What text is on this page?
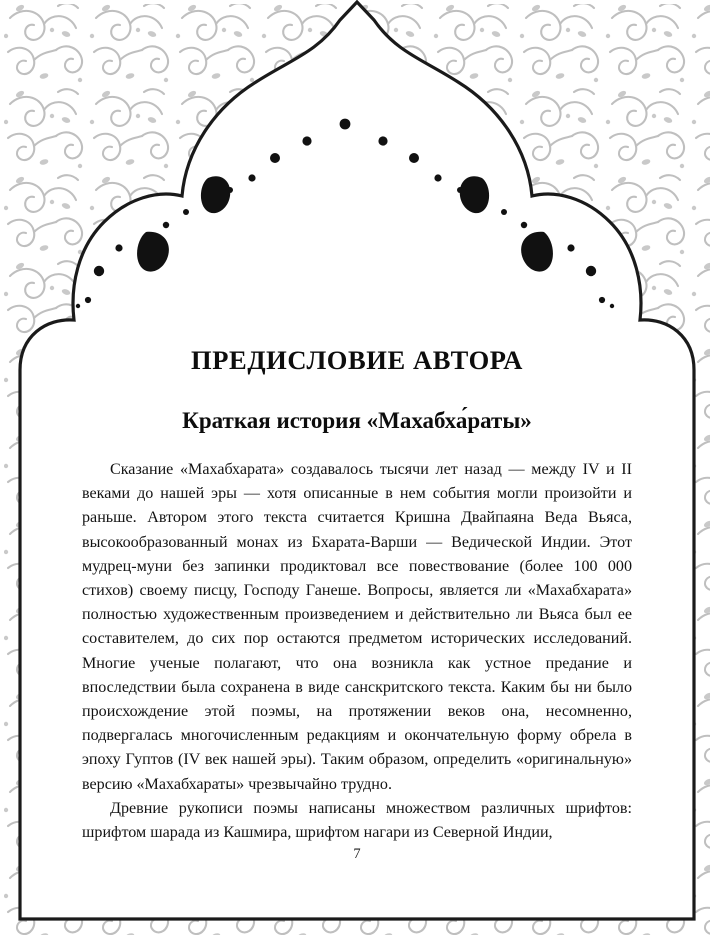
ПРЕДИСЛОВИЕ АВТОРА
Краткая история «Махабха́раты»

Сказание «Махабхарата» создавалось тысячи лет назад — между IV и II веками до нашей эры — хотя описанные в нем события могли произойти и раньше. Автором этого текста считается Кришна Двайпаяна Веда Вьяса, высокообразованный монах из Бхарата-Варши — Ведической Индии. Этот мудрец-муни без запинки продиктовал все повествование (более 100 000 стихов) своему писцу, Господу Ганеше. Вопросы, является ли «Махабхарата» полностью художественным произведением и действительно ли Вьяса был ее составителем, до сих пор остаются предметом исторических исследований. Многие ученые полагают, что она возникла как устное предание и впоследствии была сохранена в виде санскритского текста. Каким бы ни было происхождение этой поэмы, на протяжении веков она, несомненно, подвергалась многочисленным редакциям и окончательную форму обрела в эпоху Гуптов (IV век нашей эры). Таким образом, определить «оригинальную» версию «Махабхараты» чрезвычайно трудно.

Древние рукописи поэмы написаны множеством различных шрифтов: шрифтом шарада из Кашмира, шрифтом нагари из Северной Индии,

7
